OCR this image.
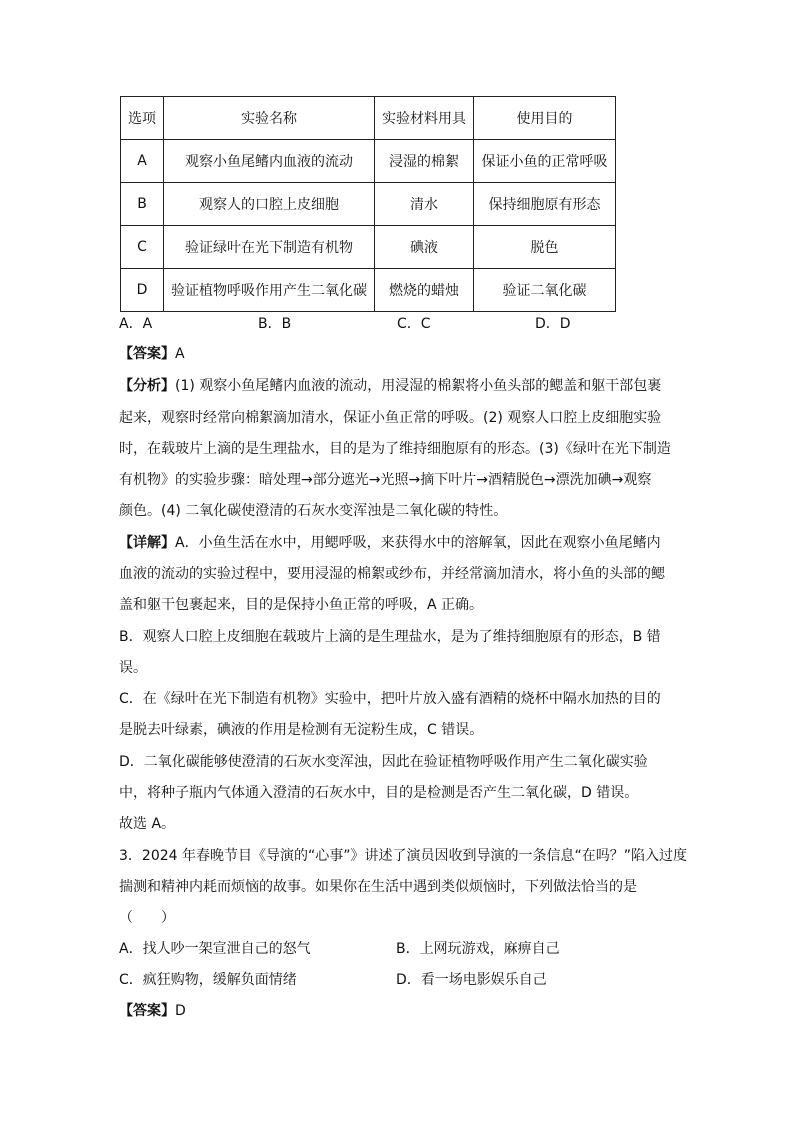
选项	实验名称	实验材料用具	使用目的
A	观察小鱼尾鳍内血液的流动	浸湿的棉絮	保证小鱼的正常呼吸
B	观察人的口腔上皮细胞	清水	保持细胞原有形态
C	验证绿叶在光下制造有机物	碘液	脱色
D	验证植物呼吸作用产生二氧化碳	燃烧的蜡烛	验证二氧化碳
A．A	B．B	C．C	D．D
【答案】A
【分析】(1) 观察小鱼尾鳍内血液的流动，用浸湿的棉絮将小鱼头部的鳃盖和躯干部包裹
起来，观察时经常向棉絮滴加清水，保证小鱼正常的呼吸。(2) 观察人口腔上皮细胞实验
时，在载玻片上滴的是生理盐水，目的是为了维持细胞原有的形态。(3)《绿叶在光下制造
有机物》的实验步骤：暗处理→部分遮光→光照→摘下叶片→酒精脱色→漂洗加碘→观察
颜色。(4) 二氧化碳使澄清的石灰水变浑浊是二氧化碳的特性。
【详解】A．小鱼生活在水中，用鳃呼吸，来获得水中的溶解氧，因此在观察小鱼尾鳍内
血液的流动的实验过程中，要用浸湿的棉絮或纱布，并经常滴加清水，将小鱼的头部的鳃
盖和躯干包裹起来，目的是保持小鱼正常的呼吸，A 正确。
B．观察人口腔上皮细胞在载玻片上滴的是生理盐水，是为了维持细胞原有的形态，B 错
误。
C．在《绿叶在光下制造有机物》实验中，把叶片放入盛有酒精的烧杯中隔水加热的目的
是脱去叶绿素，碘液的作用是检测有无淀粉生成，C 错误。
D．二氧化碳能够使澄清的石灰水变浑浊，因此在验证植物呼吸作用产生二氧化碳实验
中，将种子瓶内气体通入澄清的石灰水中，目的是检测是否产生二氧化碳，D 错误。
故选 A。
3．2024 年春晚节目《导演的“心事”》讲述了演员因收到导演的一条信息“在吗？”陷入过度
揣测和精神内耗而烦恼的故事。如果你在生活中遇到类似烦恼时，下列做法恰当的是
（　　）
A．找人吵一架宣泄自己的怒气	B．上网玩游戏，麻痹自己
C．疯狂购物，缓解负面情绪	D．看一场电影娱乐自己
【答案】D
